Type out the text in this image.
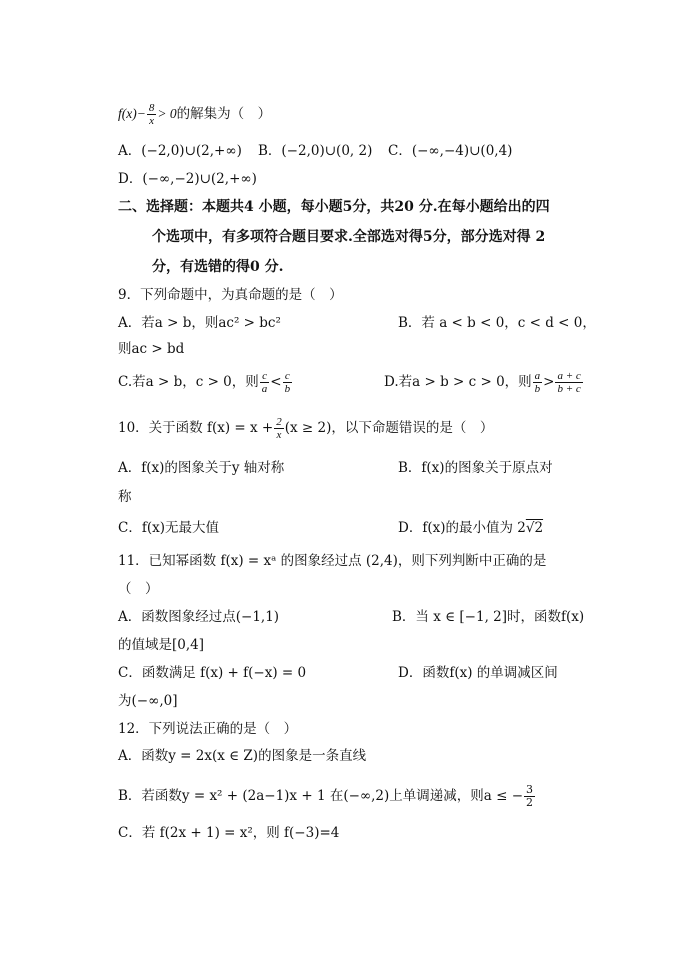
$f(x)- \frac{8}{x} > 0$的解集为（　）
A．(−2,0)∪(2,+∞) B．(−2,0)∪(0, 2) C．(−∞,−4)∪(0,4)
D．(−∞,−2)∪(2,+∞)
二、选择题：本题共4 小题，每小题5分，共20 分.在每小题给出的四
个选项中，有多项符合题目要求.全部选对得5分，部分选对得 2
分，有选错的得0 分.
9．下列命题中，为真命题的是（　）
A．若a > b，则ac² > bc²	B．若 a < b < 0，c < d < 0，
则ac > bd
C.若a > b，c > 0，则 $\frac{c}{a} < \frac{c}{b}$	D.若a > b > c > 0，则 $\frac{a}{b} > \frac{a + c}{b + c}$
10．关于函数 $f(x) = x + \frac{2}{x} (x \ge 2)$，以下命题错误的是（　）
A．f(x)的图象关于y 轴对称	B．f(x)的图象关于原点对
称
C．f(x)无最大值	D．f(x)的最小值为 2√2
11．已知幂函数 f(x) = xᵃ 的图象经过点 (2,4)，则下列判断中正确的是
（　）
A．函数图象经过点(−1,1)	B．当 x ∈ [−1, 2]时，函数f(x)
的值域是[0,4]
C．函数满足 f(x) + f(−x) = 0	D．函数f(x) 的单调减区间
为(−∞,0]
12．下列说法正确的是（　）
A．函数y = 2x(x ∈ Z)的图象是一条直线
B．若函数y = x² + (2a−1)x + 1 在(−∞,2)上单调递减，则a ≤ − $\frac{3}{2}$
C．若 f(2x + 1) = x²，则 f(−3)=4
